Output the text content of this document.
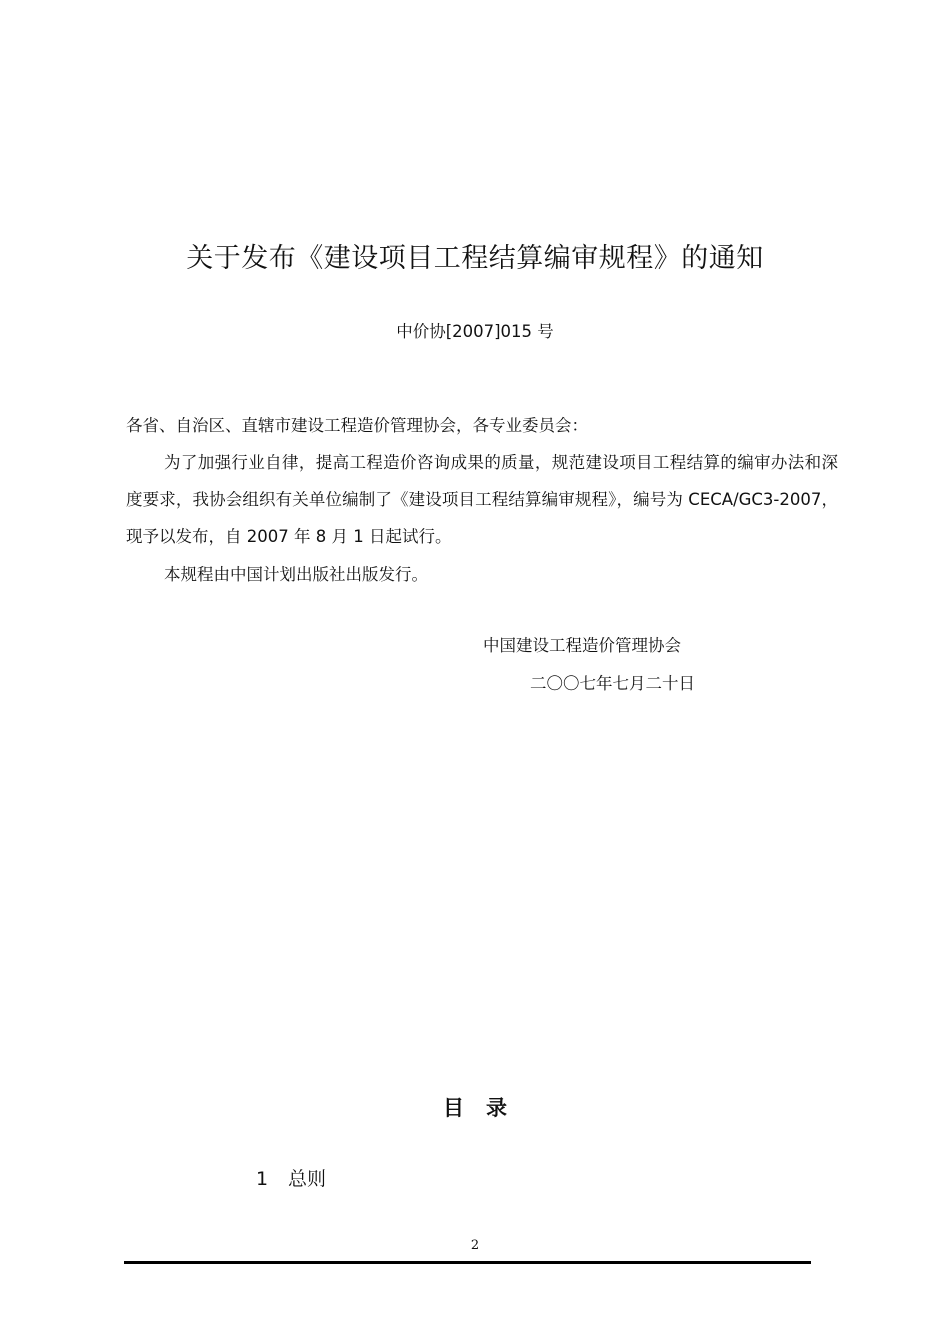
关于发布《建设项目工程结算编审规程》的通知
中价协[2007]015 号
各省、自治区、直辖市建设工程造价管理协会，各专业委员会：
为了加强行业自律，提高工程造价咨询成果的质量，规范建设项目工程结算的编审办法和深度要求，我协会组织有关单位编制了《建设项目工程结算编审规程》，编号为 CECA/GC3-2007，现予以发布，自 2007 年 8 月 1 日起试行。
本规程由中国计划出版社出版发行。
中国建设工程造价管理协会
二〇〇七年七月二十日
目录
1 总则
2
